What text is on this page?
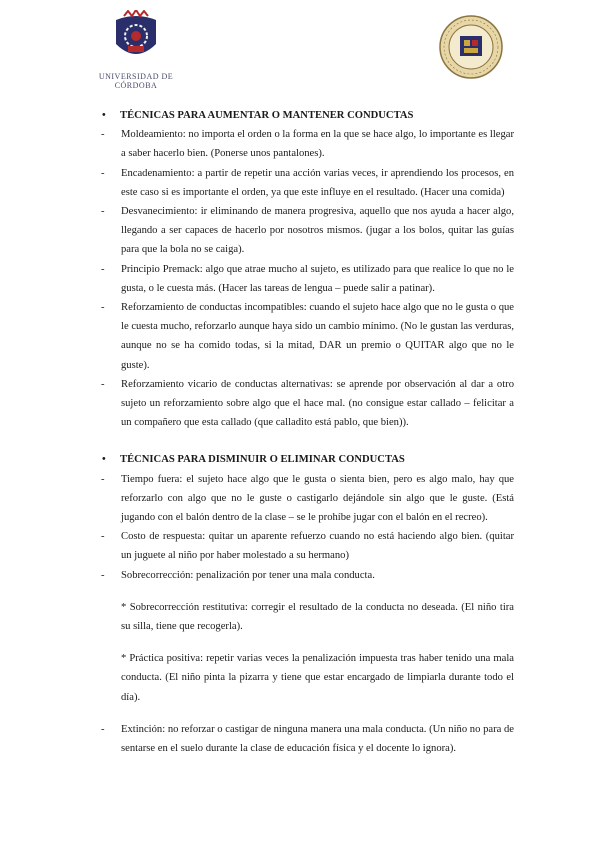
UNIVERSIDAD DE CÓRDOBA
• TÉCNICAS PARA AUMENTAR O MANTENER CONDUCTAS
- Moldeamiento: no importa el orden o la forma en la que se hace algo, lo importante es llegar a saber hacerlo bien. (Ponerse unos pantalones).
- Encadenamiento: a partir de repetir una acción varias veces, ir aprendiendo los procesos, en este caso si es importante el orden, ya que este influye en el resultado. (Hacer una comida)
- Desvanecimiento: ir eliminando de manera progresiva, aquello que nos ayuda a hacer algo, llegando a ser capaces de hacerlo por nosotros mismos. (jugar a los bolos, quitar las guías para que la bola no se caiga).
- Principio Premack: algo que atrae mucho al sujeto, es utilizado para que realice lo que no le gusta, o le cuesta más. (Hacer las tareas de lengua – puede salir a patinar).
- Reforzamiento de conductas incompatibles: cuando el sujeto hace algo que no le gusta o que le cuesta mucho, reforzarlo aunque haya sido un cambio mínimo. (No le gustan las verduras, aunque no se ha comido todas, si la mitad, DAR un premio o QUITAR algo que no le guste).
- Reforzamiento vicario de conductas alternativas: se aprende por observación al dar a otro sujeto un reforzamiento sobre algo que el hace mal. (no consigue estar callado – felicitar a un compañero que esta callado (que calladito está pablo, que bien)).
• TÉCNICAS PARA DISMINUIR O ELIMINAR CONDUCTAS
- Tiempo fuera: el sujeto hace algo que le gusta o sienta bien, pero es algo malo, hay que reforzarlo con algo que no le guste o castigarlo dejándole sin algo que le guste. (Está jugando con el balón dentro de la clase – se le prohíbe jugar con el balón en el recreo).
- Costo de respuesta: quitar un aparente refuerzo cuando no está haciendo algo bien. (quitar un juguete al niño por haber molestado a su hermano)
- Sobrecorrección: penalización por tener una mala conducta.
* Sobrecorrección restitutiva: corregir el resultado de la conducta no deseada. (El niño tira su silla, tiene que recogerla).
* Práctica positiva: repetir varias veces la penalización impuesta tras haber tenido una mala conducta. (El niño pinta la pizarra y tiene que estar encargado de limpiarla durante todo el día).
- Extinción: no reforzar o castigar de ninguna manera una mala conducta. (Un niño no para de sentarse en el suelo durante la clase de educación física y el docente lo ignora).
